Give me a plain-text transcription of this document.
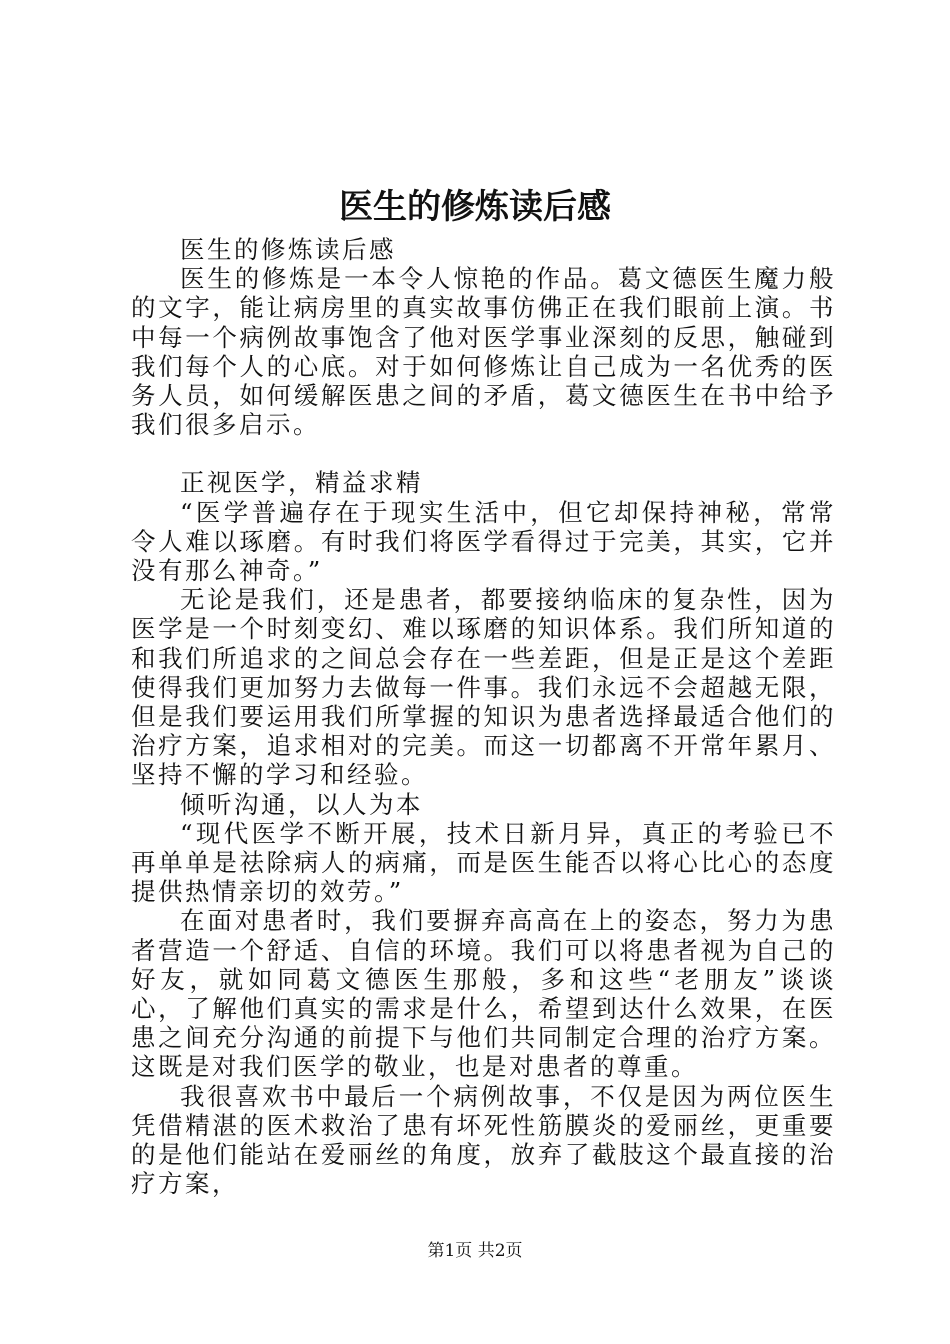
医生的修炼读后感

医生的修炼读后感

医生的修炼是一本令人惊艳的作品。葛文德医生魔力般的文字，能让病房里的真实故事仿佛正在我们眼前上演。书中每一个病例故事饱含了他对医学事业深刻的反思，触碰到我们每个人的心底。对于如何修炼让自己成为一名优秀的医务人员，如何缓解医患之间的矛盾，葛文德医生在书中给予我们很多启示。

正视医学，精益求精

“医学普遍存在于现实生活中，但它却保持神秘，常常令人难以琢磨。有时我们将医学看得过于完美，其实，它并没有那么神奇。”

无论是我们，还是患者，都要接纳临床的复杂性，因为医学是一个时刻变幻、难以琢磨的知识体系。我们所知道的和我们所追求的之间总会存在一些差距，但是正是这个差距使得我们更加努力去做每一件事。我们永远不会超越无限，但是我们要运用我们所掌握的知识为患者选择最适合他们的治疗方案，追求相对的完美。而这一切都离不开常年累月、坚持不懈的学习和经验。

倾听沟通，以人为本

“现代医学不断开展，技术日新月异，真正的考验已不再单单是祛除病人的病痛，而是医生能否以将心比心的态度提供热情亲切的效劳。”

在面对患者时，我们要摒弃高高在上的姿态，努力为患者营造一个舒适、自信的环境。我们可以将患者视为自己的好友，就如同葛文德医生那般，多和这些“老朋友”谈谈心，了解他们真实的需求是什么，希望到达什么效果，在医患之间充分沟通的前提下与他们共同制定合理的治疗方案。这既是对我们医学的敬业，也是对患者的尊重。

我很喜欢书中最后一个病例故事，不仅是因为两位医生凭借精湛的医术救治了患有坏死性筋膜炎的爱丽丝，更重要的是他们能站在爱丽丝的角度，放弃了截肢这个最直接的治疗方案，

第1页 共2页
